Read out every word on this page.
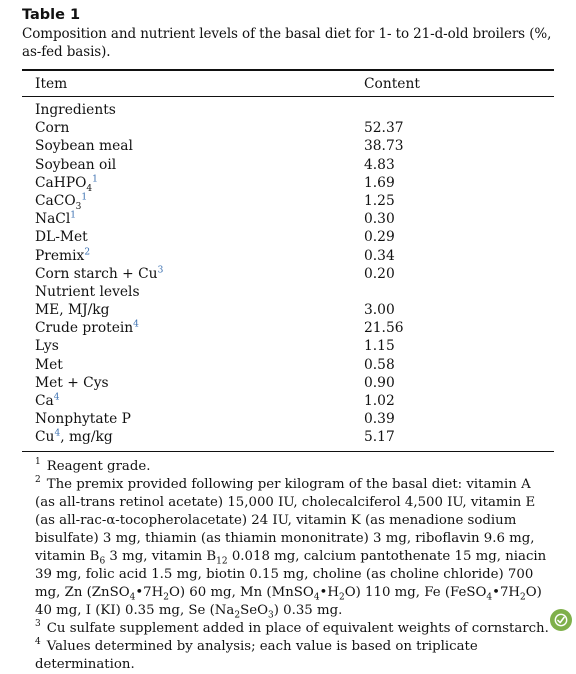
Table 1
Composition and nutrient levels of the basal diet for 1- to 21-d-old broilers (%, as-fed basis).
Item	Content
Ingredients
Corn	52.37
Soybean meal	38.73
Soybean oil	4.83
CaHPO$_4^1$	1.69
CaCO$_3^1$	1.25
NaCl$^1$	0.30
DL-Met	0.29
Premix$^2$	0.34
Corn starch + Cu$^3$	0.20
Nutrient levels
ME, MJ/kg	3.00
Crude protein$^4$	21.56
Lys	1.15
Met	0.58
Met + Cys	0.90
Ca$^4$	1.02
Nonphytate P	0.39
Cu$^4$, mg/kg	5.17

$^1$ Reagent grade.

$^2$ The premix provided following per kilogram of the basal diet: vitamin A (as all-trans retinol acetate) 15,000 IU, cholecalciferol 4,500 IU, vitamin E (as all-rac-α-tocopherolacetate) 24 IU, vitamin K (as menadione sodium bisulfate) 3 mg, thiamin (as thiamin mononitrate) 3 mg, riboflavin 9.6 mg, vitamin $B_6$ 3 mg, vitamin $B_{12}$ 0.018 mg, calcium pantothenate 15 mg, niacin 39 mg, folic acid 1.5 mg, biotin 0.15 mg, choline (as choline chloride) 700 mg, Zn $(ZnSO_4•7H_2O)$ 60 mg, Mn $(MnSO_4•H_2O)$ 110 mg, Fe $(FeSO_4•7H_2O)$ 40 mg, I (KI) 0.35 mg, Se $(Na_2SeO_3)$ 0.35 mg.

$^3$ Cu sulfate supplement added in place of equivalent weights of cornstarch.

$^4$ Values determined by analysis; each value is based on triplicate determination.
